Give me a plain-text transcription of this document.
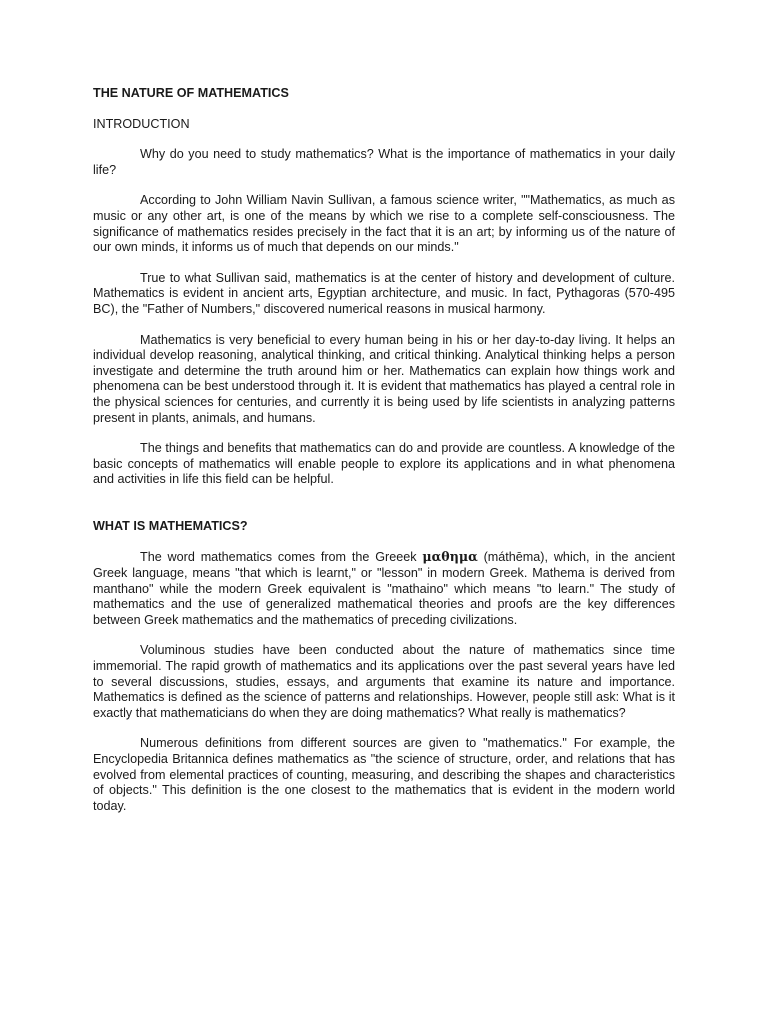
THE NATURE OF MATHEMATICS

INTRODUCTION

Why do you need to study mathematics? What is the importance of mathematics in your daily life?

According to John William Navin Sullivan, a famous science writer, ""Mathematics, as much as music or any other art, is one of the means by which we rise to a complete self-consciousness. The significance of mathematics resides precisely in the fact that it is an art; by informing us of the nature of our own minds, it informs us of much that depends on our minds."

True to what Sullivan said, mathematics is at the center of history and development of culture. Mathematics is evident in ancient arts, Egyptian architecture, and music. In fact, Pythagoras (570-495 BC), the "Father of Numbers," discovered numerical reasons in musical harmony.

Mathematics is very beneficial to every human being in his or her day-to-day living. It helps an individual develop reasoning, analytical thinking, and critical thinking. Analytical thinking helps a person investigate and determine the truth around him or her. Mathematics can explain how things work and phenomena can be best understood through it. It is evident that mathematics has played a central role in the physical sciences for centuries, and currently it is being used by life scientists in analyzing patterns present in plants, animals, and humans.

The things and benefits that mathematics can do and provide are countless. A knowledge of the basic concepts of mathematics will enable people to explore its applications and in what phenomena and activities in life this field can be helpful.

WHAT IS MATHEMATICS?

The word mathematics comes from the Greeek μαθημα (máthēma), which, in the ancient Greek language, means "that which is learnt," or "lesson" in modern Greek. Mathema is derived from manthano" while the modern Greek equivalent is "mathaino" which means "to learn." The study of mathematics and the use of generalized mathematical theories and proofs are the key differences between Greek mathematics and the mathematics of preceding civilizations.

Voluminous studies have been conducted about the nature of mathematics since time immemorial. The rapid growth of mathematics and its applications over the past several years have led to several discussions, studies, essays, and arguments that examine its nature and importance. Mathematics is defined as the science of patterns and relationships. However, people still ask: What is it exactly that mathematicians do when they are doing mathematics? What really is mathematics?

Numerous definitions from different sources are given to "mathematics." For example, the Encyclopedia Britannica defines mathematics as "the science of structure, order, and relations that has evolved from elemental practices of counting, measuring, and describing the shapes and characteristics of objects." This definition is the one closest to the mathematics that is evident in the modern world today.
